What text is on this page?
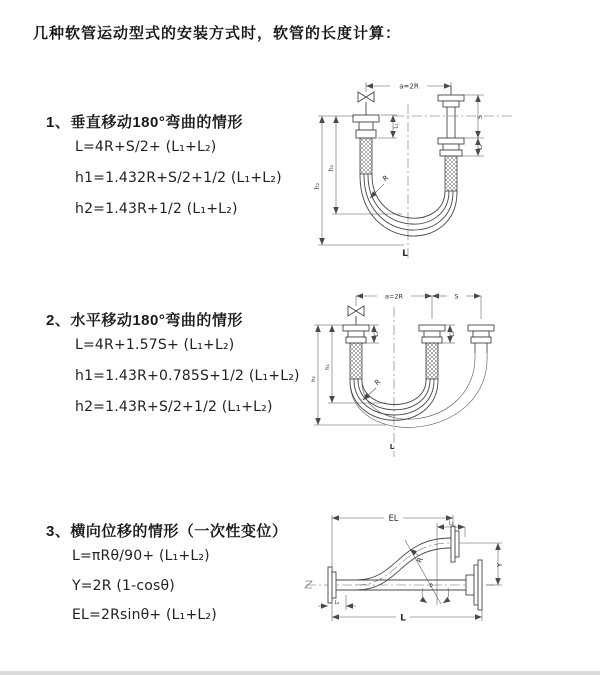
几种软管运动型式的安装方式时，软管的长度计算：
1、垂直移动180°弯曲的情形
L=4R+S/2+ (L₁+L₂)
h1=1.432R+S/2+1/2 (L₁+L₂)
h2=1.43R+1/2 (L₁+L₂)
2、水平移动180°弯曲的情形
L=4R+1.57S+ (L₁+L₂)
h1=1.43R+0.785S+1/2 (L₁+L₂)
h2=1.43R+S/2+1/2 (L₁+L₂)
3、横向位移的情形（一次性变位）
L=πRθ/90+ (L₁+L₂)
Y=2R (1-cosθ)
EL=2Rsinθ+ (L₁+L₂)
a=2R
L₁
S
L₂
h₁
h₂
R
L
a=2R	S
L₁	L₂
h₁
h₂	R
L
EL	L₁
θ
Y
R
L
L₂
